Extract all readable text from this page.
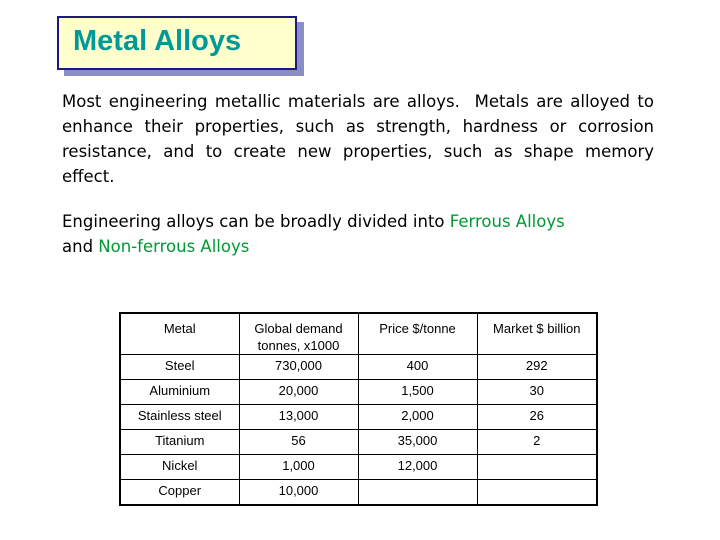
Metal Alloys

Most engineering metallic materials are alloys.  Metals are alloyed to enhance their properties, such as strength, hardness or corrosion resistance, and to create new properties, such as shape memory effect.

Engineering alloys can be broadly divided into Ferrous Alloys
and Non-ferrous Alloys

Metal	Global demand tonnes, x1000	Price $/tonne	Market $ billion
Steel	730,000	400	292
Aluminium	20,000	1,500	30
Stainless steel	13,000	2,000	26
Titanium	56	35,000	2
Nickel	1,000	12,000	
Copper	10,000		
